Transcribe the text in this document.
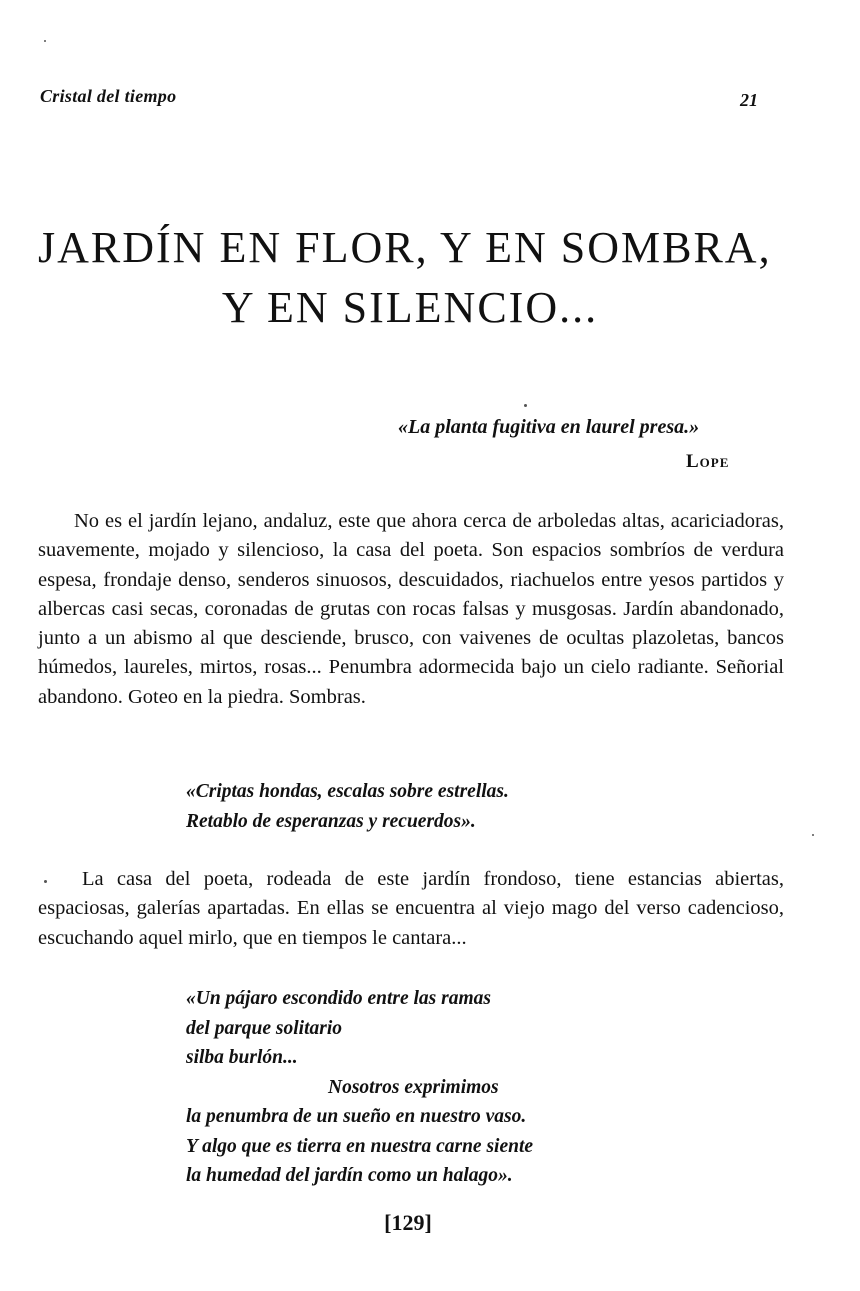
Cristal del tiempo	21

JARDÍN EN FLOR, Y EN SOMBRA,
Y EN SILENCIO...

«La planta fugitiva en laurel presa.»

Lope

No es el jardín lejano, andaluz, este que ahora cerca de arboledas altas, acariciadoras, suavemente, mojado y silencioso, la casa del poeta. Son espacios sombríos de verdura espesa, frondaje denso, senderos sinuosos, descuidados, riachuelos entre yesos partidos y albercas casi secas, coronadas de grutas con rocas falsas y musgosas. Jardín abandonado, junto a un abismo al que desciende, brusco, con vaivenes de ocultas plazoletas, bancos húmedos, laureles, mirtos, rosas... Penumbra adormecida bajo un cielo radiante. Señorial abandono. Goteo en la piedra. Sombras.

«Criptas hondas, escalas sobre estrellas.
Retablo de esperanzas y recuerdos».

La casa del poeta, rodeada de este jardín frondoso, tiene estancias abiertas, espaciosas, galerías apartadas. En ellas se encuentra al viejo mago del verso cadencioso, escuchando aquel mirlo, que en tiempos le cantara...

«Un pájaro escondido entre las ramas
del parque solitario
silba burlón...
Nosotros exprimimos
la penumbra de un sueño en nuestro vaso.
Y algo que es tierra en nuestra carne siente
la humedad del jardín como un halago».

[129]
